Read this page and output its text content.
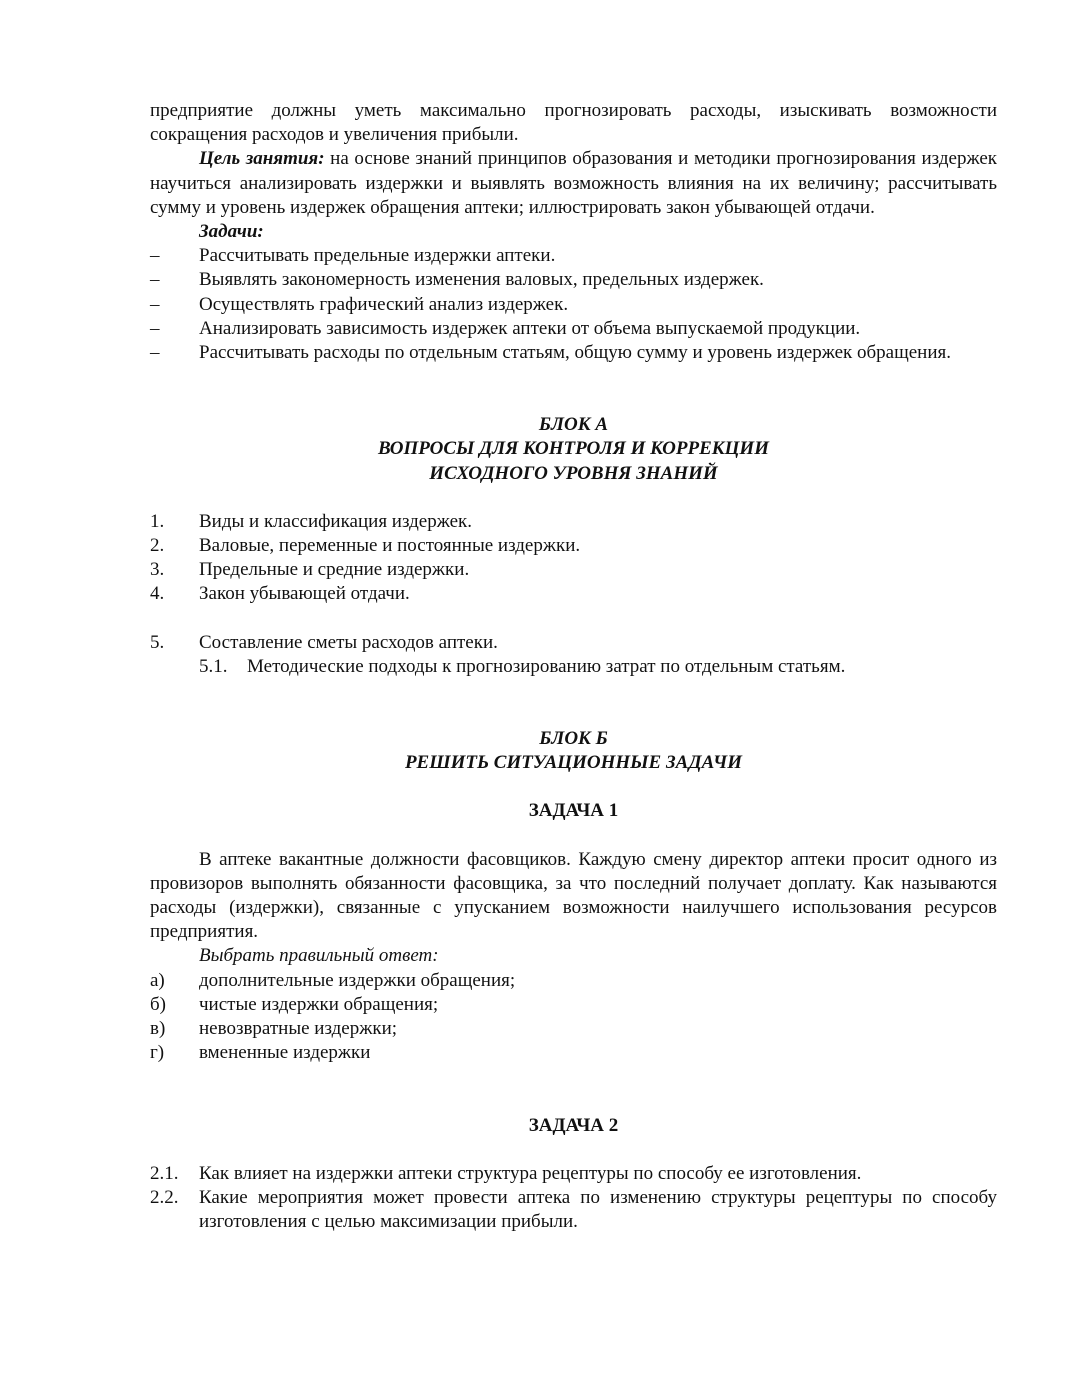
предприятие должны уметь максимально прогнозировать расходы, изыскивать возможности сокращения расходов и увеличения прибыли.

Цель занятия: на основе знаний принципов образования и методики прогнозирования издержек научиться анализировать издержки и выявлять возможность влияния на их величину; рассчитывать сумму и уровень издержек обращения аптеки; иллюстрировать закон убывающей отдачи.

Задачи:

–	Рассчитывать предельные издержки аптеки.
–	Выявлять закономерность изменения валовых, предельных издержек.
–	Осуществлять графический анализ издержек.
–	Анализировать зависимость издержек аптеки от объема выпускаемой продукции.
–	Рассчитывать расходы по отдельным статьям, общую сумму и уровень издержек обращения.

БЛОК А

ВОПРОСЫ ДЛЯ КОНТРОЛЯ И КОРРЕКЦИИ

ИСХОДНОГО УРОВНЯ ЗНАНИЙ

1.	Виды и классификация издержек.
2.	Валовые, переменные и постоянные издержки.
3.	Предельные и средние издержки.
4.	Закон убывающей отдачи.
5.	Составление сметы расходов аптеки.
5.1.	Методические подходы к прогнозированию затрат по отдельным статьям.

БЛОК Б

РЕШИТЬ СИТУАЦИОННЫЕ ЗАДАЧИ

ЗАДАЧА 1

В аптеке вакантные должности фасовщиков. Каждую смену директор аптеки просит одного из провизоров выполнять обязанности фасовщика, за что последний получает доплату. Как называются расходы (издержки), связанные с упусканием возможности наилучшего использования ресурсов предприятия.

Выбрать правильный ответ:

а)	дополнительные издержки обращения;
б)	чистые издержки обращения;
в)	невозвратные издержки;
г)	вмененные издержки

ЗАДАЧА 2

2.1.	Как влияет на издержки аптеки структура рецептуры по способу ее изготовления.
2.2.	Какие мероприятия может провести аптека по изменению структуры рецептуры по способу изготовления с целью максимизации прибыли.
